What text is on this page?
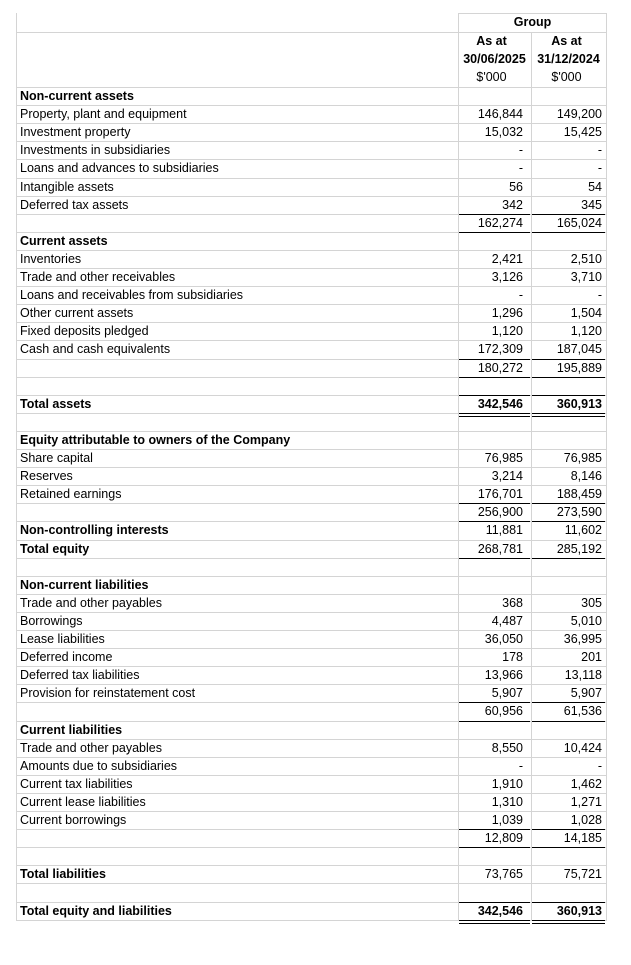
Group
As at	As at
30/06/2025 31/12/2024
$'000	$'000
Non-current assets
Property, plant and equipment	146,844	149,200
Investment property	15,032	15,425
Investments in subsidiaries	-	-
Loans and advances to subsidiaries	-	-
Intangible assets	56	54
Deferred tax assets	342	345
162,274	165,024
Current assets
Inventories	2,421	2,510
Trade and other receivables	3,126	3,710
Loans and receivables from subsidiaries	-	-
Other current assets	1,296	1,504
Fixed deposits pledged	1,120	1,120
Cash and cash equivalents	172,309	187,045
180,272	195,889
Total assets	342,546	360,913
Equity attributable to owners of the Company
Share capital	76,985	76,985
Reserves	3,214	8,146
Retained earnings	176,701	188,459
256,900	273,590
Non-controlling interests	11,881	11,602
Total equity	268,781	285,192
Non-current liabilities
Trade and other payables	368	305
Borrowings	4,487	5,010
Lease liabilities	36,050	36,995
Deferred income	178	201
Deferred tax liabilities	13,966	13,118
Provision for reinstatement cost	5,907	5,907
60,956	61,536
Current liabilities
Trade and other payables	8,550	10,424
Amounts due to subsidiaries	-	-
Current tax liabilities	1,910	1,462
Current lease liabilities	1,310	1,271
Current borrowings	1,039	1,028
12,809	14,185
Total liabilities	73,765	75,721
Total equity and liabilities	342,546	360,913
